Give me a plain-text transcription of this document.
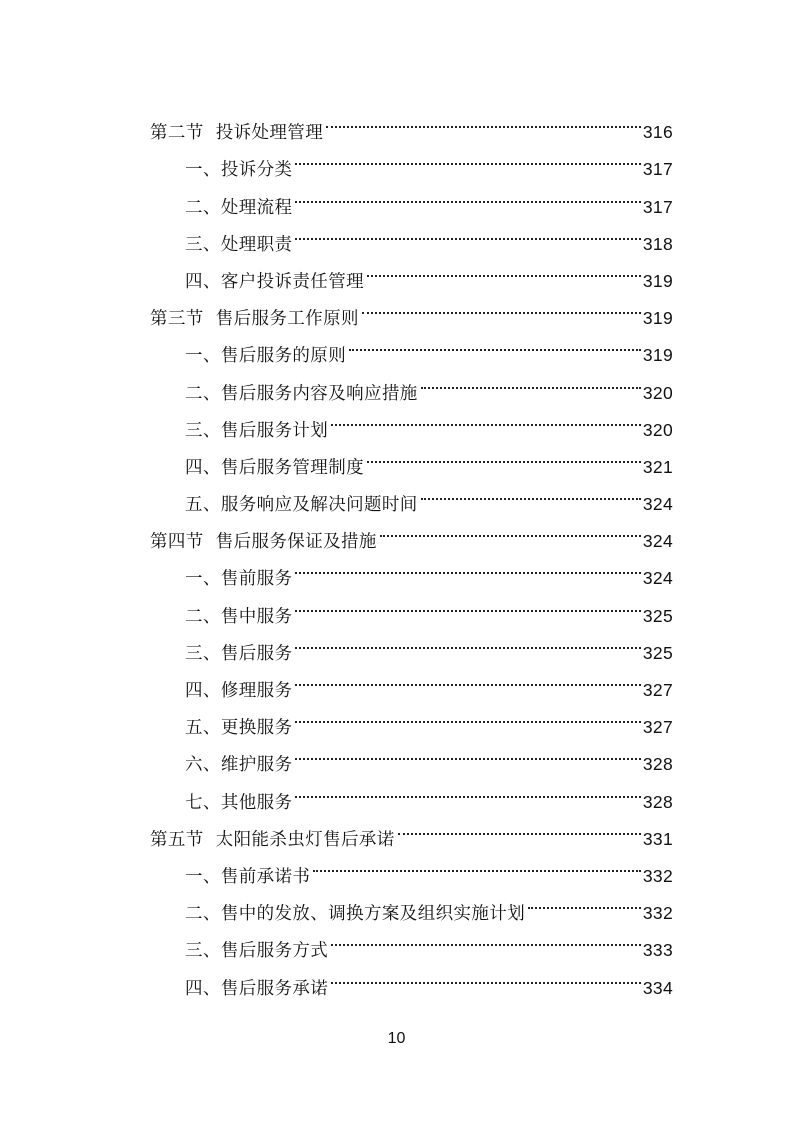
第二节 投诉处理管理	316
一、投诉分类	317
二、处理流程	317
三、处理职责	318
四、客户投诉责任管理	319
第三节 售后服务工作原则	319
一、售后服务的原则	319
二、售后服务内容及响应措施	320
三、售后服务计划	320
四、售后服务管理制度	321
五、服务响应及解决问题时间	324
第四节 售后服务保证及措施	324
一、售前服务	324
二、售中服务	325
三、售后服务	325
四、修理服务	327
五、更换服务	327
六、维护服务	328
七、其他服务	328
第五节 太阳能杀虫灯售后承诺	331
一、售前承诺书	332
二、售中的发放、调换方案及组织实施计划	332
三、售后服务方式	333
四、售后服务承诺	334
10
